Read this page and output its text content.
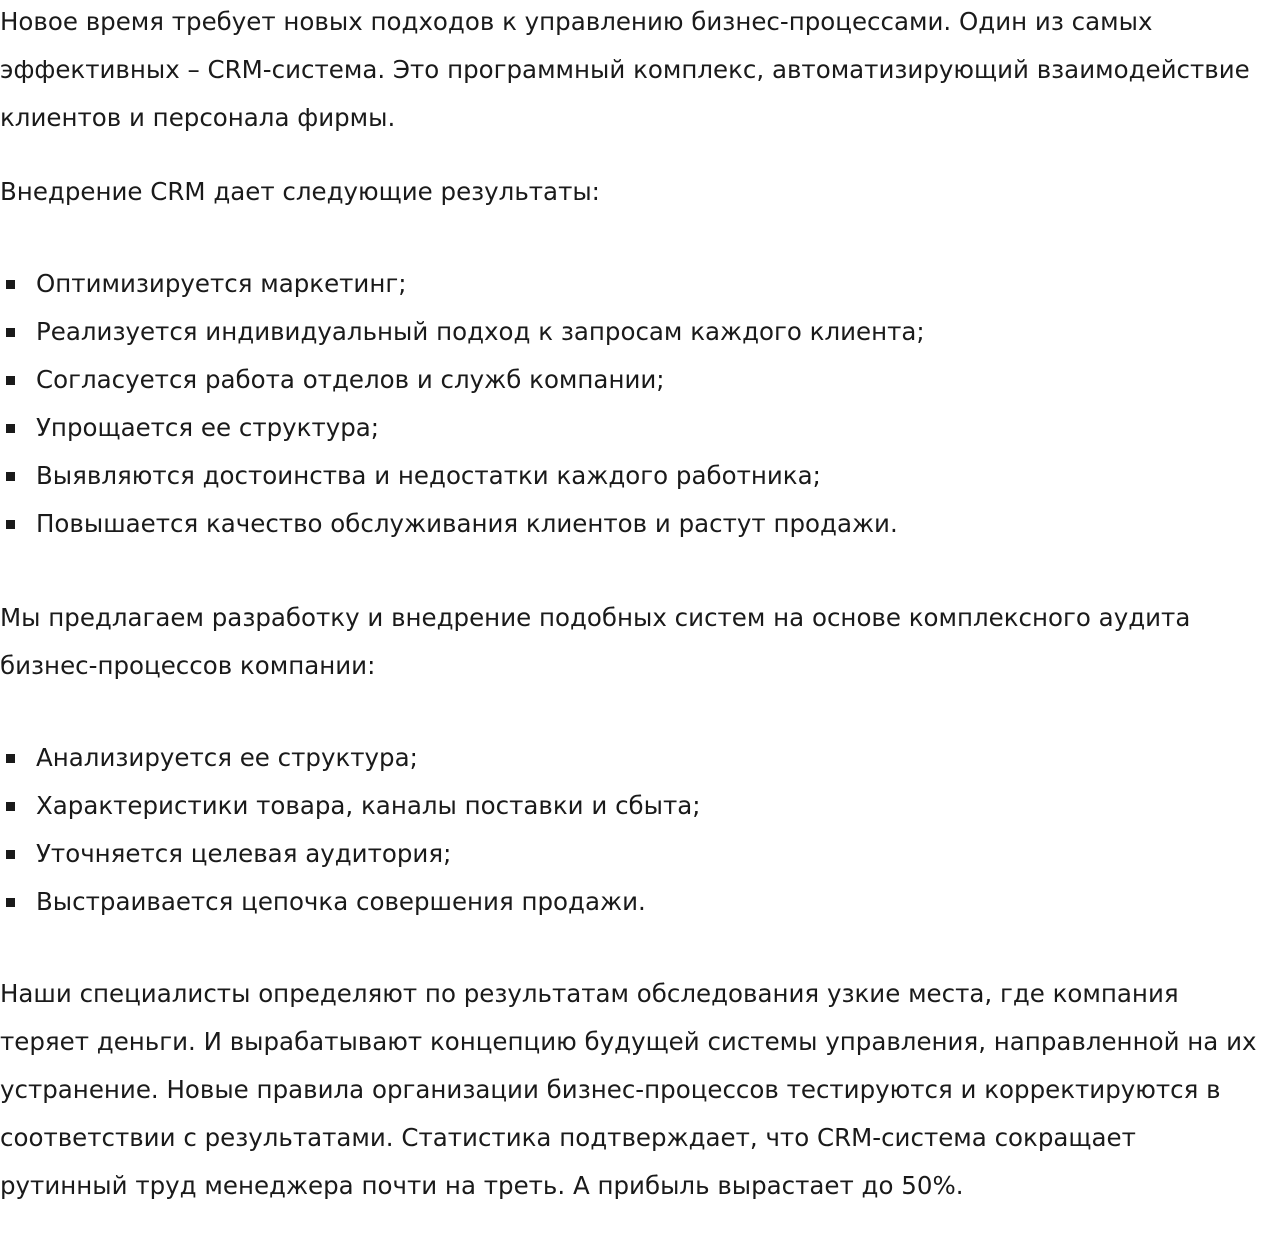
Новое время требует новых подходов к управлению бизнес-процессами. Один из самых эффективных – CRM-система. Это программный комплекс, автоматизирующий взаимодействие клиентов и персонала фирмы.

Внедрение CRM дает следующие результаты:

Оптимизируется маркетинг;
Реализуется индивидуальный подход к запросам каждого клиента;
Согласуется работа отделов и служб компании;
Упрощается ее структура;
Выявляются достоинства и недостатки каждого работника;
Повышается качество обслуживания клиентов и растут продажи.

Мы предлагаем разработку и внедрение подобных систем на основе комплексного аудита бизнес-процессов компании:

Анализируется ее структура;
Характеристики товара, каналы поставки и сбыта;
Уточняется целевая аудитория;
Выстраивается цепочка совершения продажи.

Наши специалисты определяют по результатам обследования узкие места, где компания теряет деньги. И вырабатывают концепцию будущей системы управления, направленной на их устранение. Новые правила организации бизнес-процессов тестируются и корректируются в соответствии с результатами. Статистика подтверждает, что CRM-система сокращает рутинный труд менеджера почти на треть. А прибыль вырастает до 50%.
